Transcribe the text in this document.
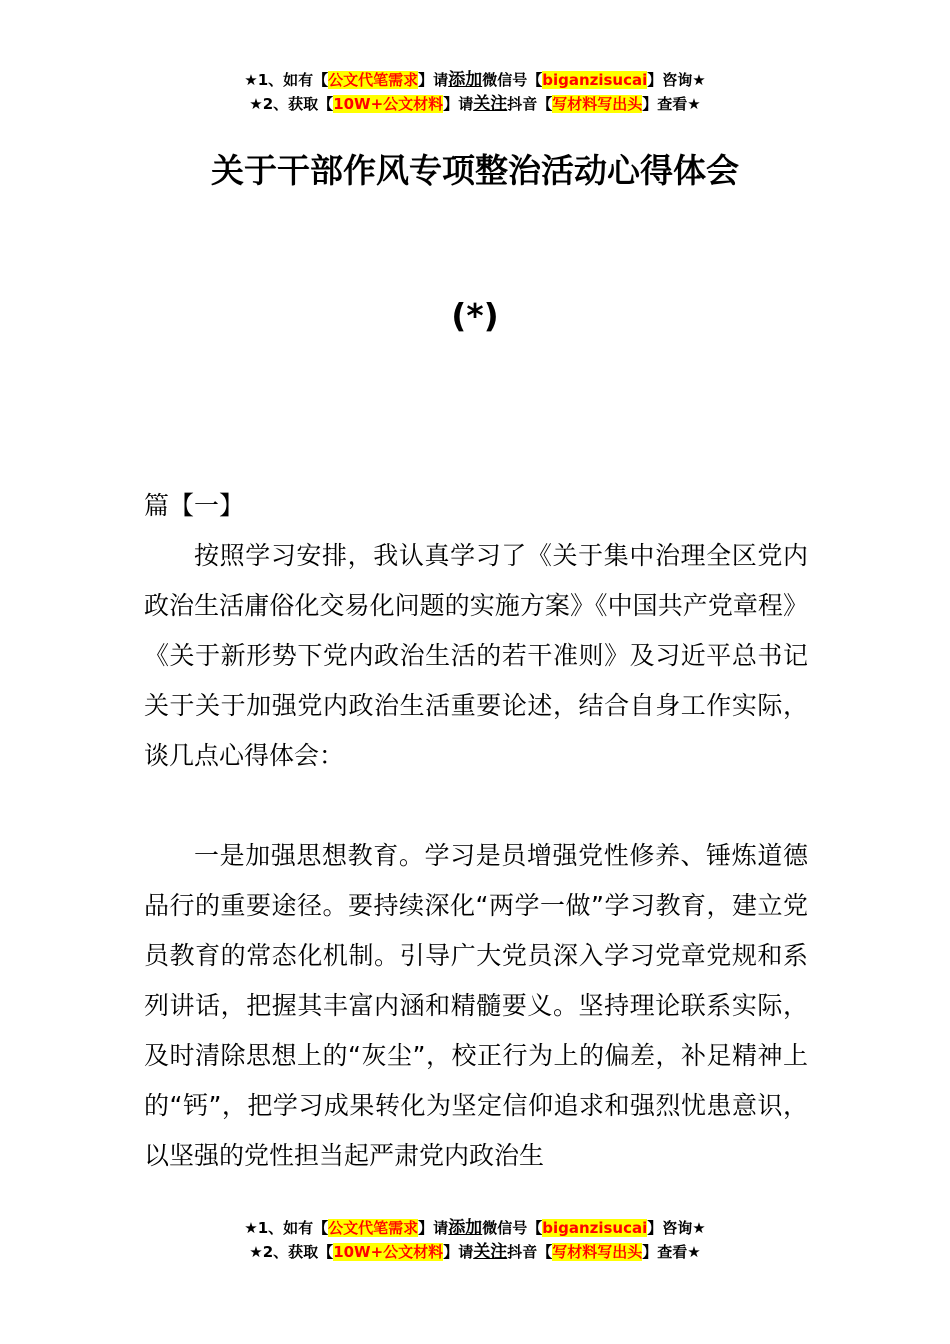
★1、如有【公文代笔需求】请添加微信号【biganzisucai】咨询★
★2、获取【10W+公文材料】请关注抖音【写材料写出头】查看★
关于干部作风专项整治活动心得体会
(*)

篇【一】

按照学习安排，我认真学习了《关于集中治理全区党内政治生活庸俗化交易化问题的实施方案》《中国共产党章程》《关于新形势下党内政治生活的若干准则》及习近平总书记关于关于加强党内政治生活重要论述，结合自身工作实际，谈几点心得体会：

一是加强思想教育。学习是员增强党性修养、锤炼道德品行的重要途径。要持续深化“两学一做”学习教育，建立党员教育的常态化机制。引导广大党员深入学习党章党规和系列讲话，把握其丰富内涵和精髓要义。坚持理论联系实际，及时清除思想上的“灰尘”，校正行为上的偏差，补足精神上的“钙”，把学习成果转化为坚定信仰追求和强烈忧患意识，以坚强的党性担当起严肃党内政治生

★1、如有【公文代笔需求】请添加微信号【biganzisucai】咨询★
★2、获取【10W+公文材料】请关注抖音【写材料写出头】查看★
